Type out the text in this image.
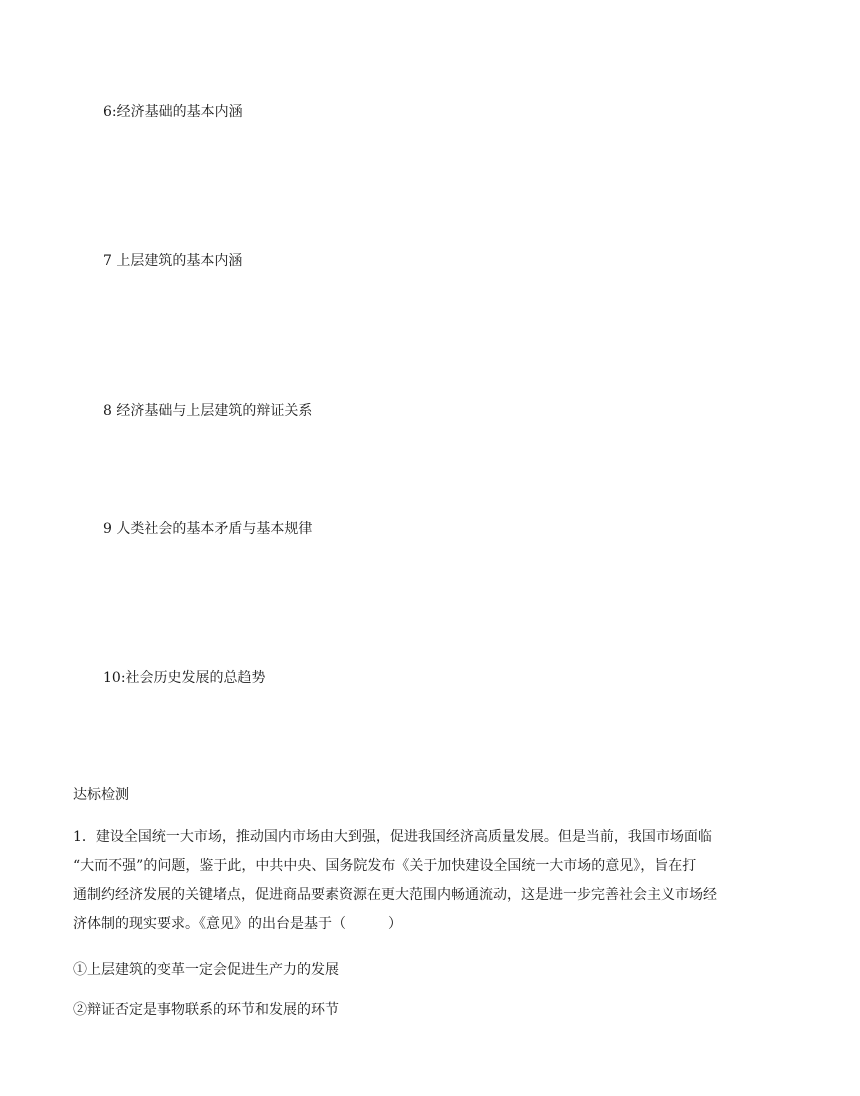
6:经济基础的基本内涵
7 上层建筑的基本内涵
8 经济基础与上层建筑的辩证关系
9 人类社会的基本矛盾与基本规律
10:社会历史发展的总趋势
达标检测
1．建设全国统一大市场，推动国内市场由大到强，促进我国经济高质量发展。但是当前，我国市场面临
“大而不强”的问题，鉴于此，中共中央、国务院发布《关于加快建设全国统一大市场的意见》，旨在打
通制约经济发展的关键堵点，促进商品要素资源在更大范围内畅通流动，这是进一步完善社会主义市场经
济体制的现实要求。《意见》的出台是基于（　　　）
①上层建筑的变革一定会促进生产力的发展
②辩证否定是事物联系的环节和发展的环节
